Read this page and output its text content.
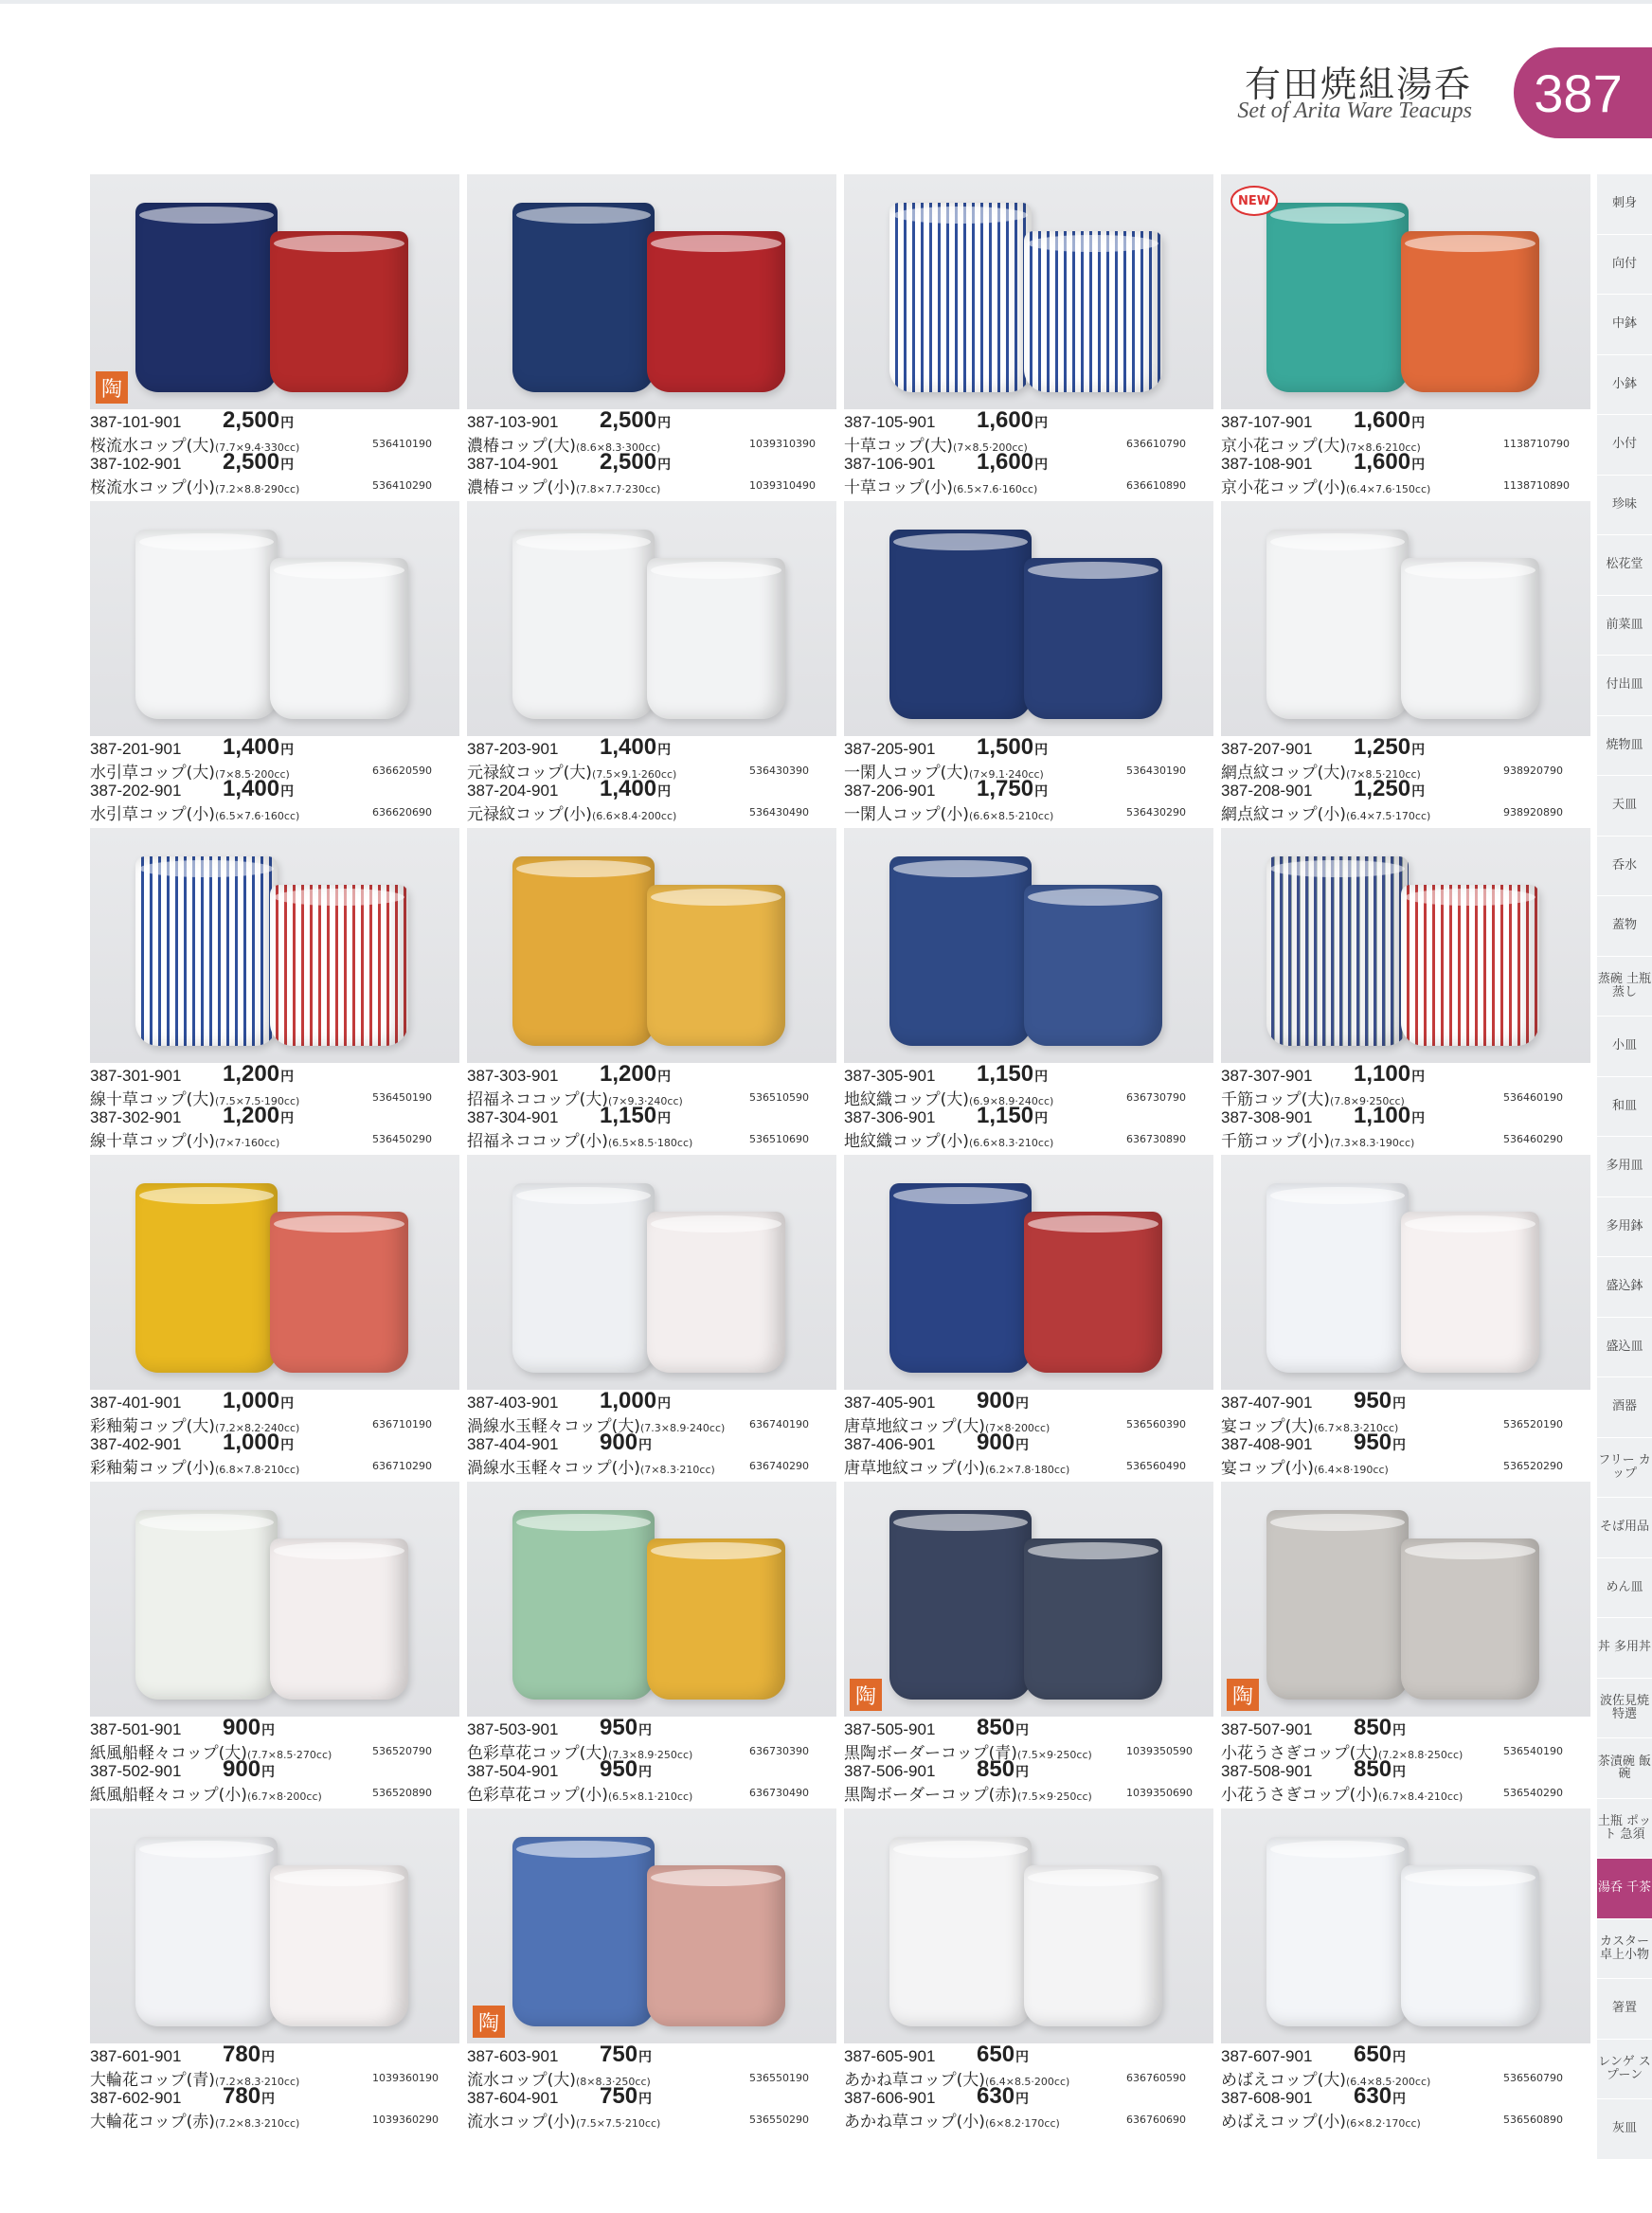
有田焼組湯呑
Set of Arita Ware Teacups	387
陶
387-101-901 2,500円
桜流水コップ(大)(7.7×9.4·330cc)	536410190
387-102-901 2,500円
桜流水コップ(小)(7.2×8.8·290cc)	536410290
387-103-901 2,500円
濃椿コップ(大)(8.6×8.3·300cc)	1039310390
387-104-901 2,500円
濃椿コップ(小)(7.8×7.7·230cc)	1039310490
387-105-901 1,600円
十草コップ(大)(7×8.5·200cc)	636610790
387-106-901 1,600円
十草コップ(小)(6.5×7.6·160cc)	636610890
NEW
387-107-901 1,600円
京小花コップ(大)(7×8.6·210cc)	1138710790
387-108-901 1,600円
京小花コップ(小)(6.4×7.6·150cc)	1138710890
387-201-901 1,400円
水引草コップ(大)(7×8.5·200cc)	636620590
387-202-901 1,400円
水引草コップ(小)(6.5×7.6·160cc)	636620690
387-203-901 1,400円
元禄紋コップ(大)(7.5×9.1·260cc)	536430390
387-204-901 1,400円
元禄紋コップ(小)(6.6×8.4·200cc)	536430490
387-205-901 1,500円
一閑人コップ(大)(7×9.1·240cc)	536430190
387-206-901 1,750円
一閑人コップ(小)(6.6×8.5·210cc)	536430290
387-207-901 1,250円
網点紋コップ(大)(7×8.5·210cc)	938920790
387-208-901 1,250円
網点紋コップ(小)(6.4×7.5·170cc)	938920890
387-301-901 1,200円
線十草コップ(大)(7.5×7.5·190cc)	536450190
387-302-901 1,200円
線十草コップ(小)(7×7·160cc)	536450290
387-303-901 1,200円
招福ネココップ(大)(7×9.3·240cc)	536510590
387-304-901 1,150円
招福ネココップ(小)(6.5×8.5·180cc)	536510690
387-305-901 1,150円
地紋織コップ(大)(6.9×8.9·240cc)	636730790
387-306-901 1,150円
地紋織コップ(小)(6.6×8.3·210cc)	636730890
387-307-901 1,100円
千筋コップ(大)(7.8×9·250cc)	536460190
387-308-901 1,100円
千筋コップ(小)(7.3×8.3·190cc)	536460290
387-401-901 1,000円
彩釉菊コップ(大)(7.2×8.2·240cc)	636710190
387-402-901 1,000円
彩釉菊コップ(小)(6.8×7.8·210cc)	636710290
387-403-901 1,000円
渦線水玉軽々コップ(大)(7.3×8.9·240cc) 636740190
387-404-901 900円
渦線水玉軽々コップ(小)(7×8.3·210cc)	636740290
387-405-901 900円
唐草地紋コップ(大)(7×8·200cc)	536560390
387-406-901 900円
唐草地紋コップ(小)(6.2×7.8·180cc)	536560490
387-407-901 950円
宴コップ(大)(6.7×8.3·210cc)	536520190
387-408-901 950円
宴コップ(小)(6.4×8·190cc)	536520290
387-501-901 900円
紙風船軽々コップ(大)(7.7×8.5·270cc)	536520790
387-502-901 900円
紙風船軽々コップ(小)(6.7×8·200cc)	536520890
387-503-901 950円
色彩草花コップ(大)(7.3×8.9·250cc)	636730390
387-504-901 950円
色彩草花コップ(小)(6.5×8.1·210cc)	636730490
陶
387-505-901 850円
黒陶ボーダーコップ(青)(7.5×9·250cc)	1039350590
387-506-901 850円
黒陶ボーダーコップ(赤)(7.5×9·250cc)	1039350690
陶
387-507-901 850円
小花うさぎコップ(大)(7.2×8.8·250cc)	536540190
387-508-901 850円
小花うさぎコップ(小)(6.7×8.4·210cc)	536540290
387-601-901 780円
大輪花コップ(青)(7.2×8.3·210cc)	1039360190
387-602-901 780円
大輪花コップ(赤)(7.2×8.3·210cc)	1039360290
陶
387-603-901 750円
流水コップ(大)(8×8.3·250cc)	536550190
387-604-901 750円
流水コップ(小)(7.5×7.5·210cc)	536550290
387-605-901 650円
あかね草コップ(大)(6.4×8.5·200cc)	636760590
387-606-901 630円
あかね草コップ(小)(6×8.2·170cc)	636760690
387-607-901 650円
めばえコップ(大)(6.4×8.5·200cc)	536560790
387-608-901 630円
めばえコップ(小)(6×8.2·170cc)	536560890
刺身
向付
中鉢
小鉢
小付
珍味
松花堂
前菜皿
付出皿
焼物皿
天皿
呑水
蓋物
蒸碗 土瓶蒸し
小皿
和皿
多用皿
多用鉢
盛込鉢
盛込皿
酒器
フリー カップ
そば用品
めん皿
丼 多用丼
波佐見焼 特選
茶漬碗 飯碗
土瓶 ポット 急須
湯呑 千茶
カスター 卓上小物
箸置
レンゲ スプーン
灰皿
